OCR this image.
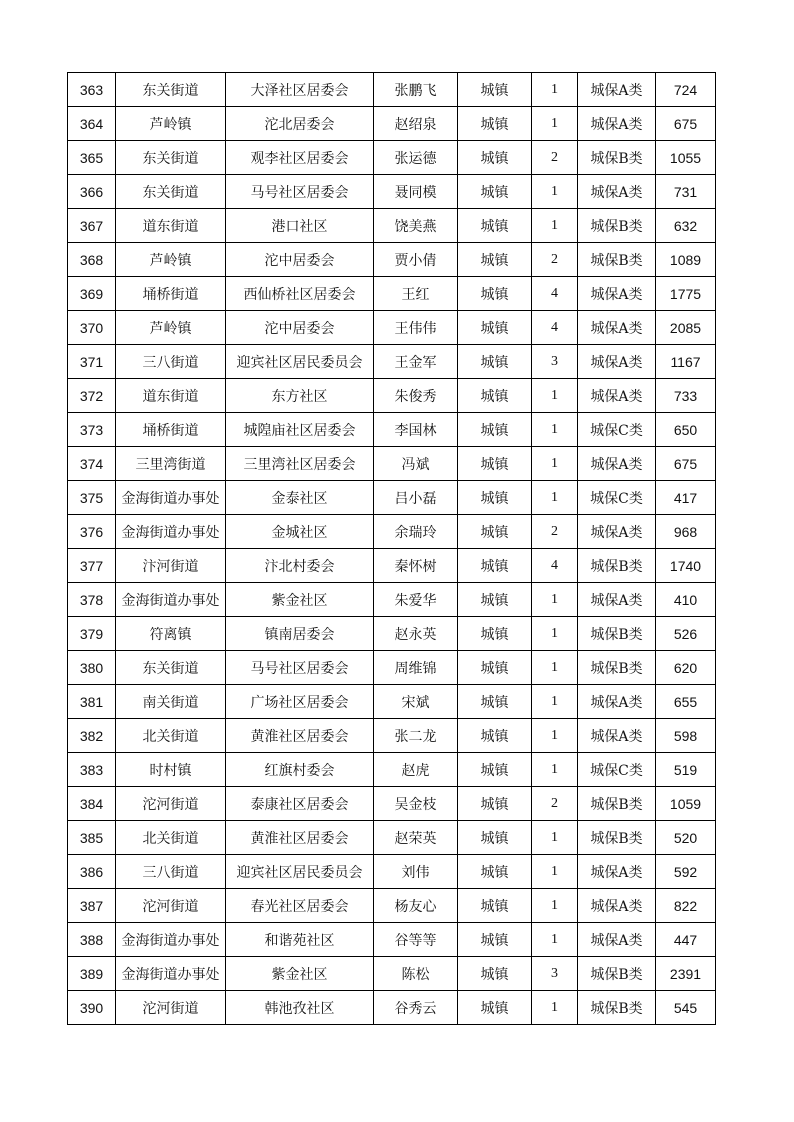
363	东关街道	大泽社区居委会	张鹏飞	城镇	1	城保A类	724
364	芦岭镇	沱北居委会	赵绍泉	城镇	1	城保A类	675
365	东关街道	观李社区居委会	张运德	城镇	2	城保B类	1055
366	东关街道	马号社区居委会	聂同模	城镇	1	城保A类	731
367	道东街道	港口社区	饶美燕	城镇	1	城保B类	632
368	芦岭镇	沱中居委会	贾小倩	城镇	2	城保B类	1089
369	埇桥街道	西仙桥社区居委会	王红	城镇	4	城保A类	1775
370	芦岭镇	沱中居委会	王伟伟	城镇	4	城保A类	2085
371	三八街道	迎宾社区居民委员会	王金军	城镇	3	城保A类	1167
372	道东街道	东方社区	朱俊秀	城镇	1	城保A类	733
373	埇桥街道	城隍庙社区居委会	李国林	城镇	1	城保C类	650
374	三里湾街道	三里湾社区居委会	冯斌	城镇	1	城保A类	675
375	金海街道办事处	金泰社区	吕小磊	城镇	1	城保C类	417
376	金海街道办事处	金城社区	余瑞玲	城镇	2	城保A类	968
377	汴河街道	汴北村委会	秦怀树	城镇	4	城保B类	1740
378	金海街道办事处	紫金社区	朱爱华	城镇	1	城保A类	410
379	符离镇	镇南居委会	赵永英	城镇	1	城保B类	526
380	东关街道	马号社区居委会	周维锦	城镇	1	城保B类	620
381	南关街道	广场社区居委会	宋斌	城镇	1	城保A类	655
382	北关街道	黄淮社区居委会	张二龙	城镇	1	城保A类	598
383	时村镇	红旗村委会	赵虎	城镇	1	城保C类	519
384	沱河街道	泰康社区居委会	吴金枝	城镇	2	城保B类	1059
385	北关街道	黄淮社区居委会	赵荣英	城镇	1	城保B类	520
386	三八街道	迎宾社区居民委员会	刘伟	城镇	1	城保A类	592
387	沱河街道	春光社区居委会	杨友心	城镇	1	城保A类	822
388	金海街道办事处	和谐苑社区	谷等等	城镇	1	城保A类	447
389	金海街道办事处	紫金社区	陈松	城镇	3	城保B类	2391
390	沱河街道	韩池孜社区	谷秀云	城镇	1	城保B类	545
